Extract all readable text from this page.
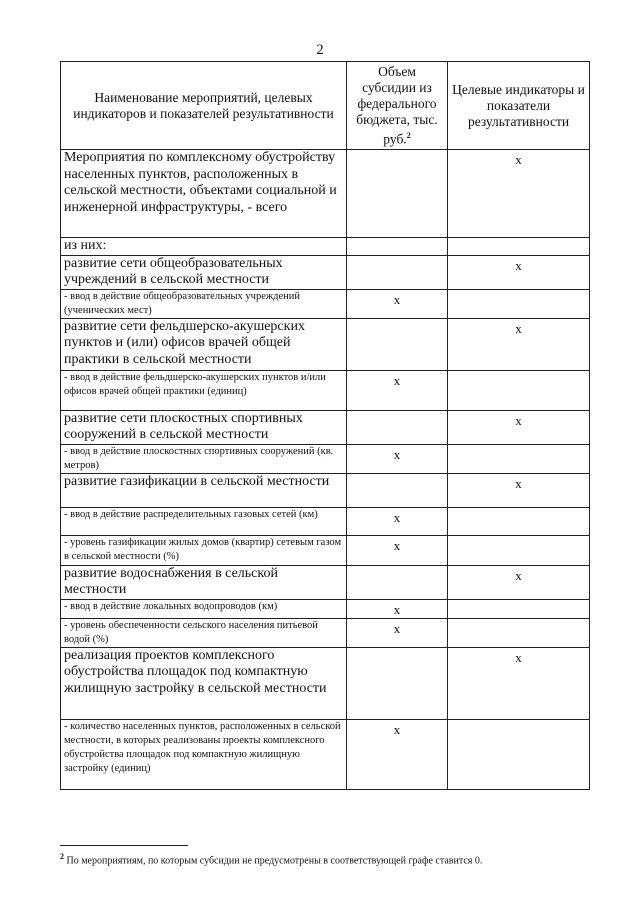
2
Наименование мероприятий, целевых индикаторов и показателей результативности	Объем субсидии из федерального бюджета, тыс. руб.$^2$	Целевые индикаторы и показатели результативности
Мероприятия по комплексному обустройству населенных пунктов, расположенных в сельской местности, объектами социальной и инженерной инфраструктуры, - всего		x
из них:		
развитие сети общеобразовательных учреждений в сельской местности		x
- ввод в действие общеобразовательных учреждений (ученических мест)	x	
развитие сети фельдшерско-акушерских пунктов и (или) офисов врачей общей практики в сельской местности		x
- ввод в действие фельдшерско-акушерских пунктов и/или офисов врачей общей практики (единиц)	x	
развитие сети плоскостных спортивных сооружений в сельской местности		x
- ввод в действие плоскостных спортивных сооружений (кв. метров)	x	
развитие газификации в сельской местности		x
- ввод в действие распределительных газовых сетей (км)	x	
- уровень газификации жилых домов (квартир) сетевым газом в сельской местности (%)	x	
развитие водоснабжения в сельской местности		x
- ввод в действие локальных водопроводов (км)	x	
- уровень обеспеченности сельского населения питьевой водой (%)	x	
реализация проектов комплексного обустройства площадок под компактную жилищную застройку в сельской местности		x
- количество населенных пунктов, расположенных в сельской местности, в которых реализованы проекты комплексного обустройства площадок под компактную жилищную застройку (единиц)	x	
$^2$ По мероприятиям, по которым субсидии не предусмотрены в соответствующей графе ставится 0.
